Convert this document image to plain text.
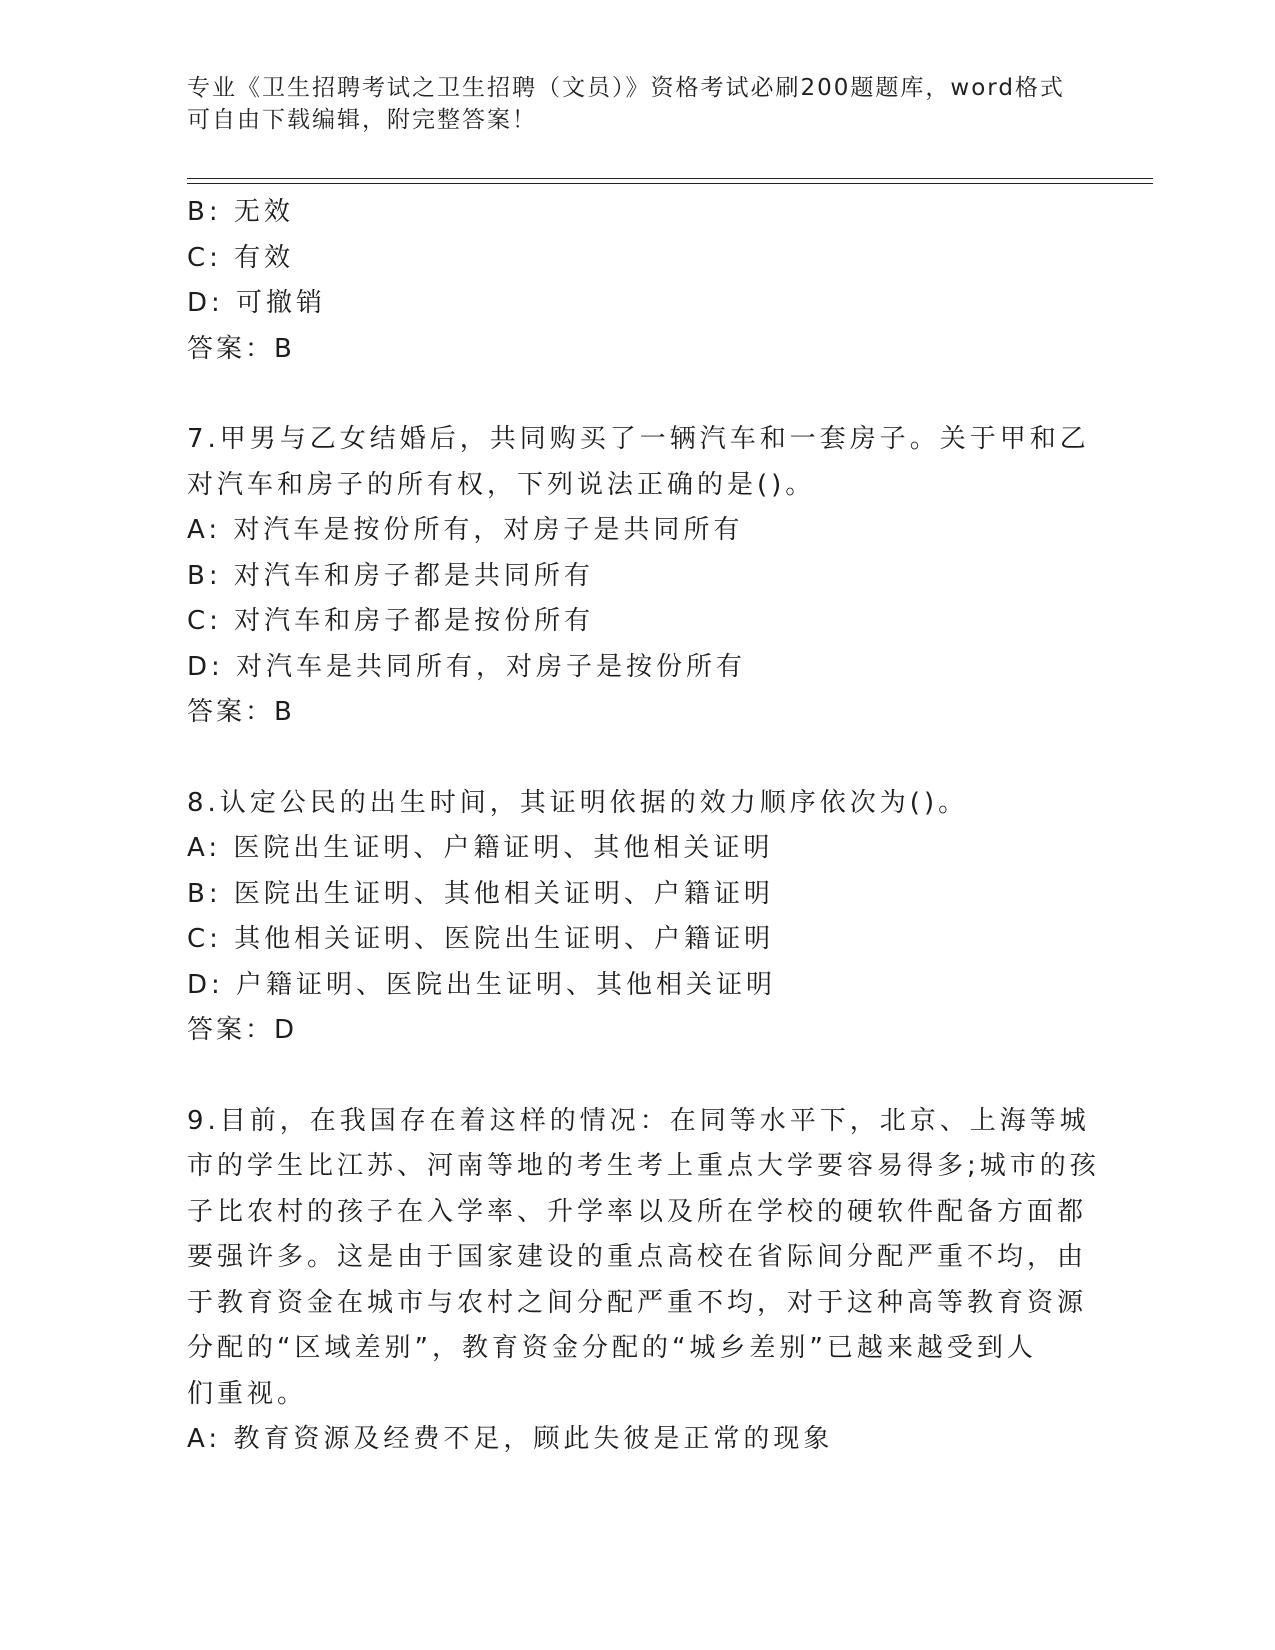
专业《卫生招聘考试之卫生招聘（文员）》资格考试必刷200题题库，word格式
可自由下载编辑，附完整答案！
B: 无效
C: 有效
D: 可撤销
答案：B
7.甲男与乙女结婚后，共同购买了一辆汽车和一套房子。关于甲和乙
对汽车和房子的所有权，下列说法正确的是()。
A: 对汽车是按份所有，对房子是共同所有
B: 对汽车和房子都是共同所有
C: 对汽车和房子都是按份所有
D: 对汽车是共同所有，对房子是按份所有
答案：B
8.认定公民的出生时间，其证明依据的效力顺序依次为()。
A: 医院出生证明、户籍证明、其他相关证明
B: 医院出生证明、其他相关证明、户籍证明
C: 其他相关证明、医院出生证明、户籍证明
D: 户籍证明、医院出生证明、其他相关证明
答案：D
9.目前，在我国存在着这样的情况：在同等水平下，北京、上海等城
市的学生比江苏、河南等地的考生考上重点大学要容易得多;城市的孩
子比农村的孩子在入学率、升学率以及所在学校的硬软件配备方面都
要强许多。这是由于国家建设的重点高校在省际间分配严重不均，由
于教育资金在城市与农村之间分配严重不均，对于这种高等教育资源
分配的“区域差别”，教育资金分配的“城乡差别”已越来越受到人
们重视。
A: 教育资源及经费不足，顾此失彼是正常的现象
